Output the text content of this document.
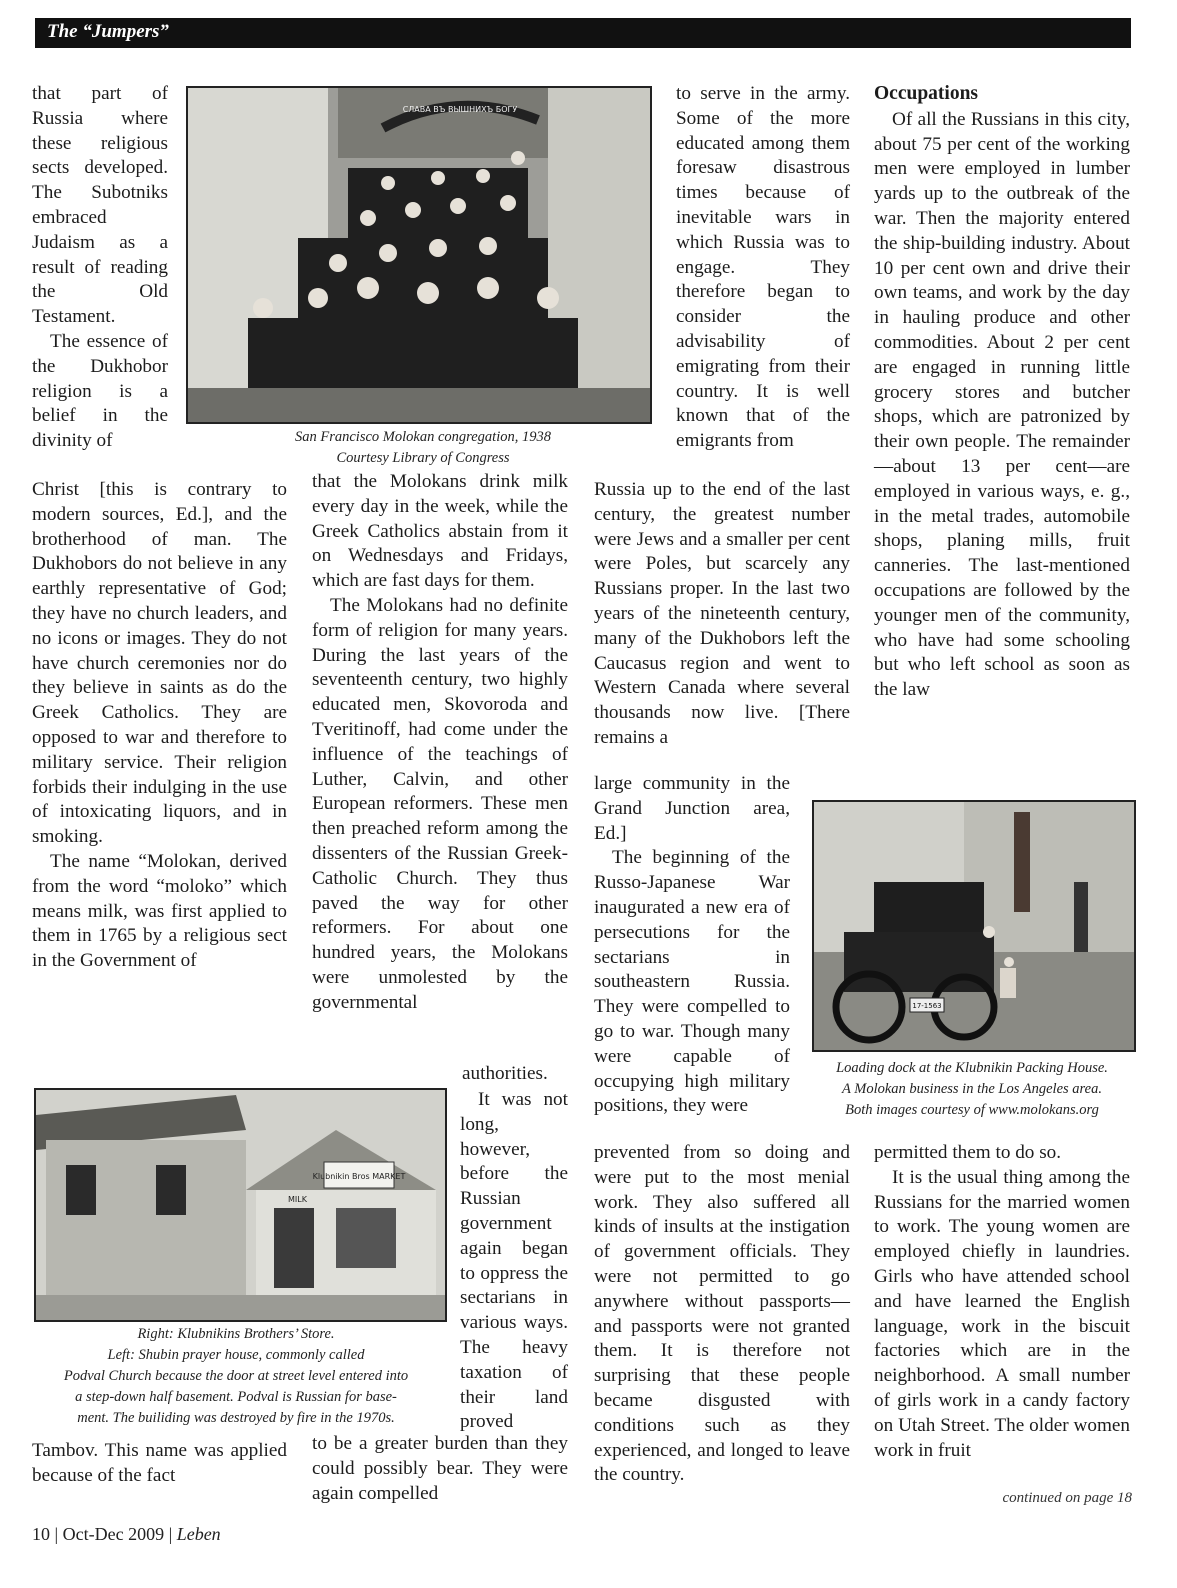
The “Jumpers”

that part of Russia where these religious sects developed. The Subotniks embraced Judaism as a result of reading the Old Testament.

The essence of the Dukhobor religion is a belief in the divinity of

Christ [this is contrary to modern sources, Ed.], and the brotherhood of man. The Dukhobors do not believe in any earthly representative of God; they have no church leaders, and no icons or images. They do not have church ceremonies nor do they believe in saints as do the Greek Catholics. They are opposed to war and therefore to military service. Their religion forbids their indulging in the use of intoxicating liquors, and in smoking.

The name “Molokan, derived from the word “moloko” which means milk, was first applied to them in 1765 by a religious sect in the Government of

Tambov. This name was applied because of the fact

СЛАВА ВЪ ВЫШНИХЪ БОГУ
San Francisco Molokan congregation, 1938
Courtesy Library of Congress

that the Molokans drink milk every day in the week, while the Greek Catholics abstain from it on Wednesdays and Fridays, which are fast days for them.

The Molokans had no definite form of religion for many years. During the last years of the seventeenth century, two highly educated men, Skovoroda and Tveritinoff, had come under the influence of the teachings of Luther, Calvin, and other European reformers. These men then preached reform among the dissenters of the Russian Greek-Catholic Church. They thus paved the way for other reformers. For about one hundred years, the Molokans were unmolested by the governmental

authorities.

It was not long, however, before the Russian government again began to oppress the sectarians in various ways. The heavy taxation of their land proved

to be a greater burden than they could possibly bear. They were again compelled

Klubnikin Bros MARKET
MILK
Right: Klubnikins Brothers’ Store.
Left: Shubin prayer house, commonly called
Podval Church because the door at street level entered into
a step-down half basement. Podval is Russian for base-
ment. The builiding was destroyed by fire in the 1970s.

to serve in the army. Some of the more educated among them foresaw disastrous times because of inevitable wars in which Russia was to engage. They therefore began to consider the advisability of emigrating from their country. It is well known that of the emigrants from

Russia up to the end of the last century, the greatest number were Jews and a smaller per cent were Poles, but scarcely any Russians proper. In the last two years of the nineteenth century, many of the Dukhobors left the Caucasus region and went to Western Canada where several thousands now live. [There remains a

large community in the Grand Junction area, Ed.]

The beginning of the Russo-Japanese War inaugurated a new era of persecutions for the sectarians in southeastern Russia. They were compelled to go to war. Though many were capable of occupying high military positions, they were

prevented from so doing and were put to the most menial work. They also suffered all kinds of insults at the instigation of government officials. They were not permitted to go anywhere without passports—and passports were not granted them. It is therefore not surprising that these people became disgusted with conditions such as they experienced, and longed to leave the country.

Occupations

Of all the Russians in this city, about 75 per cent of the working men were employed in lumber yards up to the outbreak of the war. Then the majority entered the ship-building industry. About 10 per cent own and drive their own teams, and work by the day in hauling produce and other commodities. About 2 per cent are engaged in running little grocery stores and butcher shops, which are patronized by their own people. The remainder—about 13 per cent—are employed in various ways, e. g., in the metal trades, automobile shops, planing mills, fruit canneries. The last-mentioned occupations are followed by the younger men of the community, who have had some schooling but who left school as soon as the law

17-1563
Loading dock at the Klubnikin Packing House.
A Molokan business in the Los Angeles area.
Both images courtesy of www.molokans.org

permitted them to do so.

It is the usual thing among the Russians for the married women to work. The young women are employed chiefly in laundries. Girls who have attended school and have learned the English language, work in the biscuit factories which are in the neighborhood. A small number of girls work in a candy factory on Utah Street. The older women work in fruit

continued on page 18
10 | Oct-Dec 2009 | Leben
